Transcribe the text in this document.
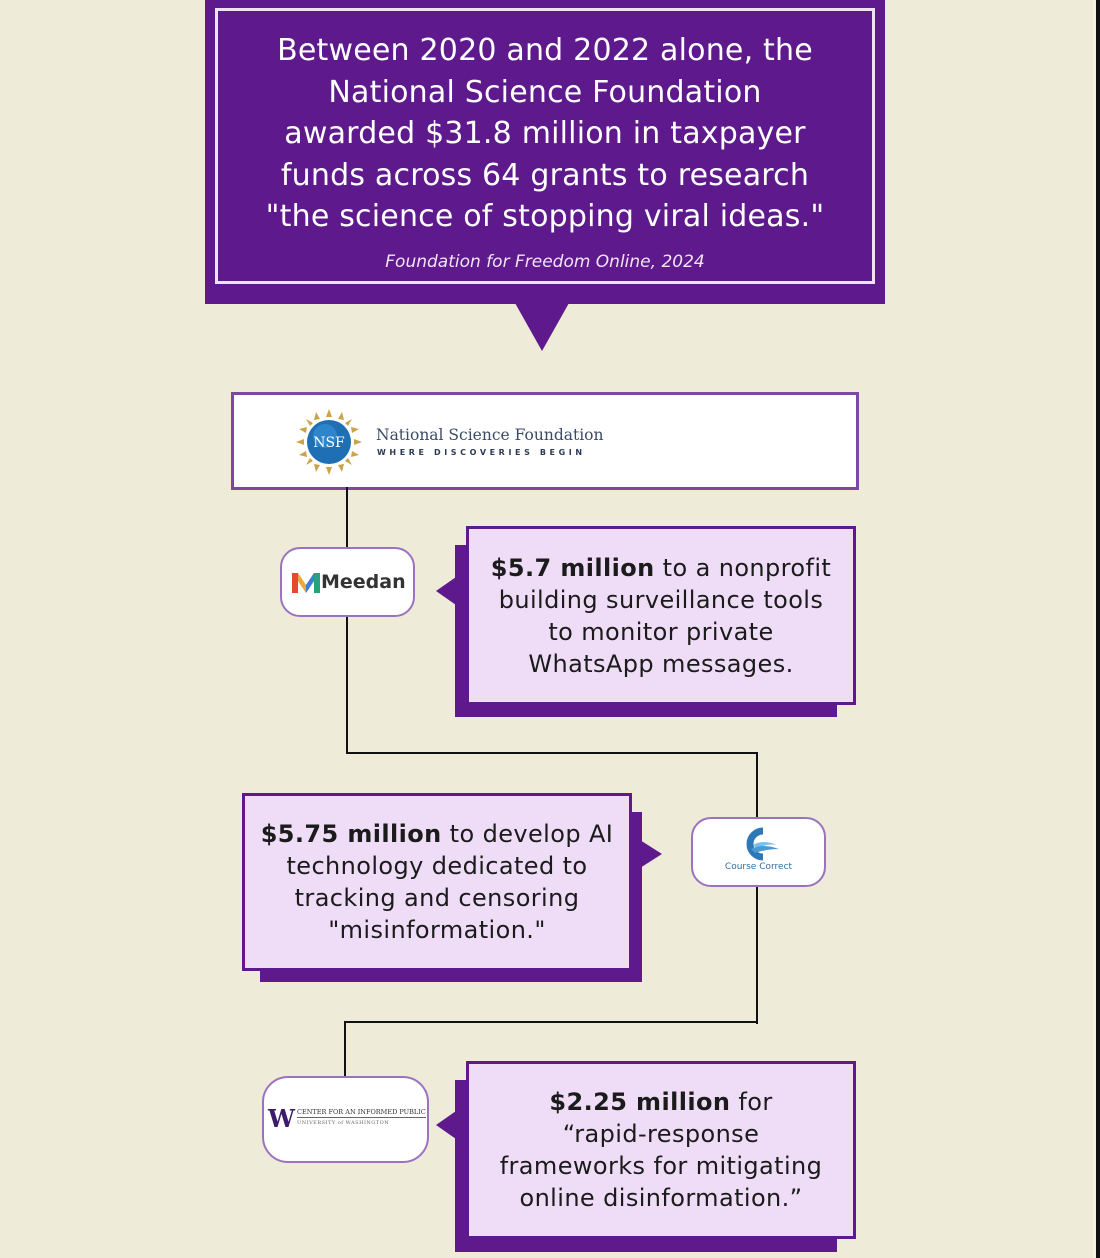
Between 2020 and 2022 alone, the
National Science Foundation
awarded $31.8 million in taxpayer
funds across 64 grants to research
"the science of stopping viral ideas."
Foundation for Freedom Online, 2024
NSF National Science Foundation
WHERE DISCOVERIES BEGIN
Meedan
$5.7 million to a nonprofit
building surveillance tools
to monitor private
WhatsApp messages.
$5.75 million to develop AI
technology dedicated to
tracking and censoring
"misinformation."
Course Correct
W CENTER FOR AN INFORMED PUBLIC
UNIVERSITY of WASHINGTON
$2.25 million for
“rapid-response
frameworks for mitigating
online disinformation.”
